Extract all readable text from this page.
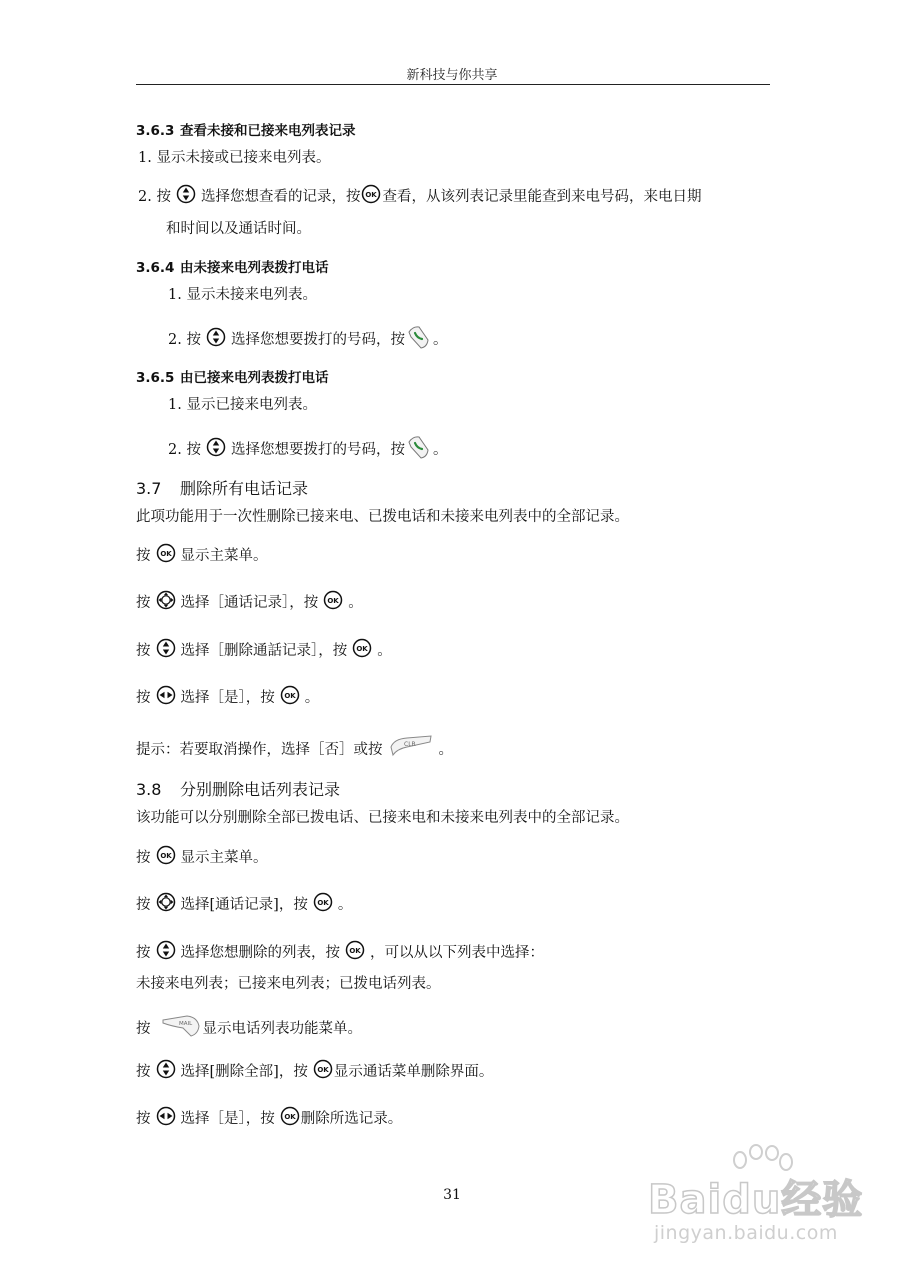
新科技与你共享
3.6.3 查看未接和已接来电列表记录
1. 显示未接或已接来电列表。
2. 按 选择您想查看的记录，按 OK 查看，从该列表记录里能查到来电号码，来电日期
和时间以及通话时间。
3.6.4 由未接来电列表拨打电话
1. 显示未接来电列表。
2. 按 选择您想要拨打的号码，按 。
3.6.5 由已接来电列表拨打电话
1. 显示已接来电列表。
2. 按 选择您想要拨打的号码，按 。
3.7 删除所有电话记录
此项功能用于一次性删除已接来电、已拨电话和未接来电列表中的全部记录。
按 OK 显示主菜单。
按 选择［通话记录］，按 OK 。
按 选择［删除通話记录］，按 OK 。
按 选择［是］，按 OK 。
提示：若要取消操作，选择［否］或按	CLR 。
3.8 分别删除电话列表记录
该功能可以分别删除全部已拨电话、已接来电和未接来电列表中的全部记录。
按 OK 显示主菜单。
按 选择[通话记录]，按 OK 。
按 选择您想删除的列表，按 OK ，可以从以下列表中选择：
未接来电列表；已接来电列表；已拨电话列表。
按	MAIL 显示电话列表功能菜单。
按 选择[删除全部]，按 OK 显示通话菜单删除界面。
按 选择［是］，按 OK 删除所选记录。
31	Baidu经验
jingyan.baidu.com
